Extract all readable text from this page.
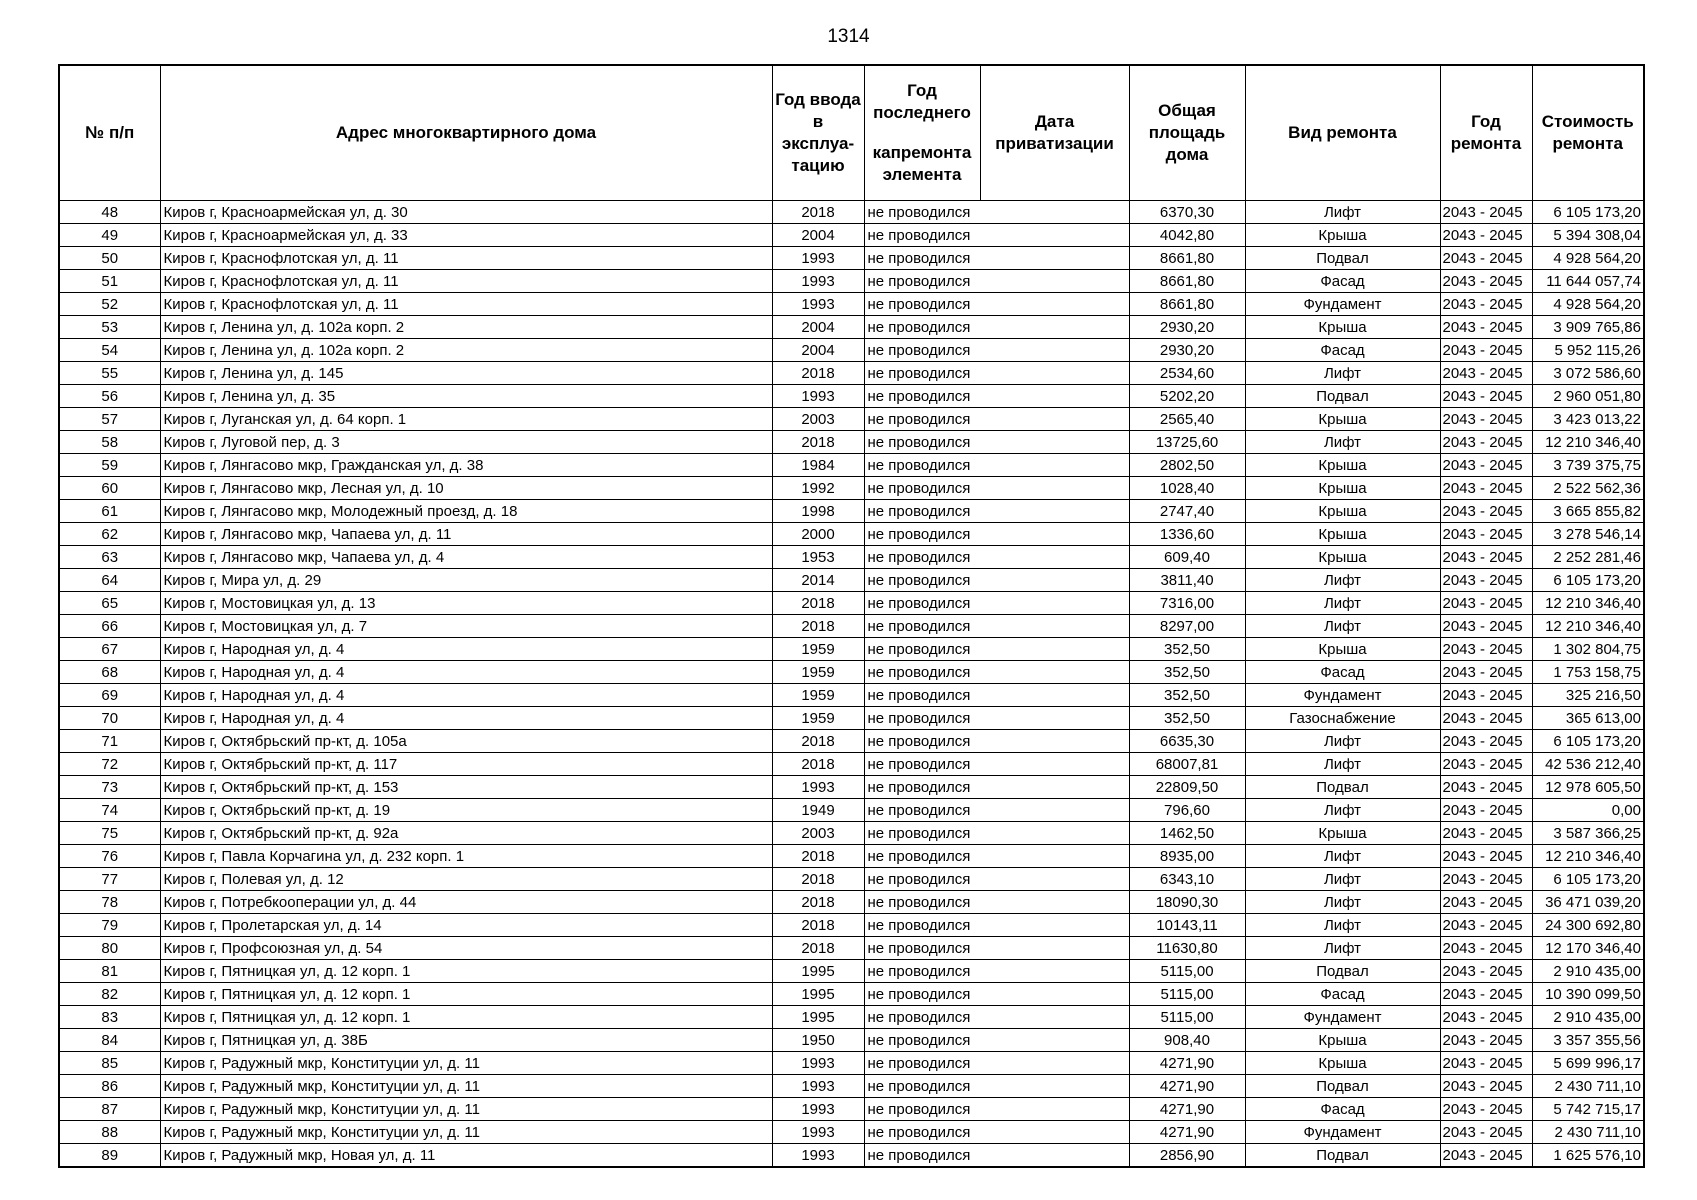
1314
№ п/п	Адрес многоквартирного дома	Год ввода в эксплуа-тацию	Год последнего
капремонта элемента	Дата приватизации	Общая площадь дома	Вид ремонта	Год ремонта	Стоимость ремонта
48	Киров г, Красноармейская ул, д. 30	2018	не проводился		6370,30	Лифт	2043 - 2045	6 105 173,20
49	Киров г, Красноармейская ул, д. 33	2004	не проводился		4042,80	Крыша	2043 - 2045	5 394 308,04
50	Киров г, Краснофлотская ул, д. 11	1993	не проводился		8661,80	Подвал	2043 - 2045	4 928 564,20
51	Киров г, Краснофлотская ул, д. 11	1993	не проводился		8661,80	Фасад	2043 - 2045	11 644 057,74
52	Киров г, Краснофлотская ул, д. 11	1993	не проводился		8661,80	Фундамент	2043 - 2045	4 928 564,20
53	Киров г, Ленина ул, д. 102а корп. 2	2004	не проводился		2930,20	Крыша	2043 - 2045	3 909 765,86
54	Киров г, Ленина ул, д. 102а корп. 2	2004	не проводился		2930,20	Фасад	2043 - 2045	5 952 115,26
55	Киров г, Ленина ул, д. 145	2018	не проводился		2534,60	Лифт	2043 - 2045	3 072 586,60
56	Киров г, Ленина ул, д. 35	1993	не проводился		5202,20	Подвал	2043 - 2045	2 960 051,80
57	Киров г, Луганская ул, д. 64 корп. 1	2003	не проводился		2565,40	Крыша	2043 - 2045	3 423 013,22
58	Киров г, Луговой пер, д. 3	2018	не проводился		13725,60	Лифт	2043 - 2045	12 210 346,40
59	Киров г, Лянгасово мкр, Гражданская ул, д. 38	1984	не проводился		2802,50	Крыша	2043 - 2045	3 739 375,75
60	Киров г, Лянгасово мкр, Лесная ул, д. 10	1992	не проводился		1028,40	Крыша	2043 - 2045	2 522 562,36
61	Киров г, Лянгасово мкр, Молодежный проезд, д. 18	1998	не проводился		2747,40	Крыша	2043 - 2045	3 665 855,82
62	Киров г, Лянгасово мкр, Чапаева ул, д. 11	2000	не проводился		1336,60	Крыша	2043 - 2045	3 278 546,14
63	Киров г, Лянгасово мкр, Чапаева ул, д. 4	1953	не проводился		609,40	Крыша	2043 - 2045	2 252 281,46
64	Киров г, Мира ул, д. 29	2014	не проводился		3811,40	Лифт	2043 - 2045	6 105 173,20
65	Киров г, Мостовицкая ул, д. 13	2018	не проводился		7316,00	Лифт	2043 - 2045	12 210 346,40
66	Киров г, Мостовицкая ул, д. 7	2018	не проводился		8297,00	Лифт	2043 - 2045	12 210 346,40
67	Киров г, Народная ул, д. 4	1959	не проводился		352,50	Крыша	2043 - 2045	1 302 804,75
68	Киров г, Народная ул, д. 4	1959	не проводился		352,50	Фасад	2043 - 2045	1 753 158,75
69	Киров г, Народная ул, д. 4	1959	не проводился		352,50	Фундамент	2043 - 2045	325 216,50
70	Киров г, Народная ул, д. 4	1959	не проводился		352,50	Газоснабжение	2043 - 2045	365 613,00
71	Киров г, Октябрьский пр-кт, д. 105а	2018	не проводился		6635,30	Лифт	2043 - 2045	6 105 173,20
72	Киров г, Октябрьский пр-кт, д. 117	2018	не проводился		68007,81	Лифт	2043 - 2045	42 536 212,40
73	Киров г, Октябрьский пр-кт, д. 153	1993	не проводился		22809,50	Подвал	2043 - 2045	12 978 605,50
74	Киров г, Октябрьский пр-кт, д. 19	1949	не проводился		796,60	Лифт	2043 - 2045	0,00
75	Киров г, Октябрьский пр-кт, д. 92а	2003	не проводился		1462,50	Крыша	2043 - 2045	3 587 366,25
76	Киров г, Павла Корчагина ул, д. 232 корп. 1	2018	не проводился		8935,00	Лифт	2043 - 2045	12 210 346,40
77	Киров г, Полевая ул, д. 12	2018	не проводился		6343,10	Лифт	2043 - 2045	6 105 173,20
78	Киров г, Потребкооперации ул, д. 44	2018	не проводился		18090,30	Лифт	2043 - 2045	36 471 039,20
79	Киров г, Пролетарская ул, д. 14	2018	не проводился		10143,11	Лифт	2043 - 2045	24 300 692,80
80	Киров г, Профсоюзная ул, д. 54	2018	не проводился		11630,80	Лифт	2043 - 2045	12 170 346,40
81	Киров г, Пятницкая ул, д. 12 корп. 1	1995	не проводился		5115,00	Подвал	2043 - 2045	2 910 435,00
82	Киров г, Пятницкая ул, д. 12 корп. 1	1995	не проводился		5115,00	Фасад	2043 - 2045	10 390 099,50
83	Киров г, Пятницкая ул, д. 12 корп. 1	1995	не проводился		5115,00	Фундамент	2043 - 2045	2 910 435,00
84	Киров г, Пятницкая ул, д. 38Б	1950	не проводился		908,40	Крыша	2043 - 2045	3 357 355,56
85	Киров г, Радужный мкр, Конституции ул, д. 11	1993	не проводился		4271,90	Крыша	2043 - 2045	5 699 996,17
86	Киров г, Радужный мкр, Конституции ул, д. 11	1993	не проводился		4271,90	Подвал	2043 - 2045	2 430 711,10
87	Киров г, Радужный мкр, Конституции ул, д. 11	1993	не проводился		4271,90	Фасад	2043 - 2045	5 742 715,17
88	Киров г, Радужный мкр, Конституции ул, д. 11	1993	не проводился		4271,90	Фундамент	2043 - 2045	2 430 711,10
89	Киров г, Радужный мкр, Новая ул, д. 11	1993	не проводился		2856,90	Подвал	2043 - 2045	1 625 576,10
